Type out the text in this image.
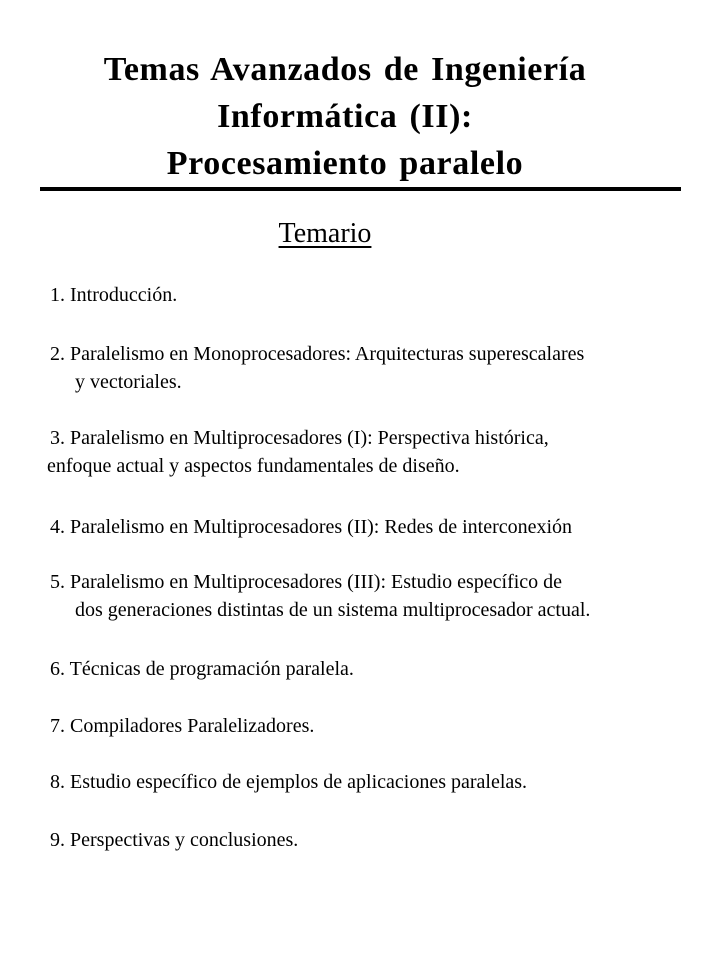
Temas Avanzados de Ingeniería
Informática (II):
Procesamiento paralelo
Temario
1. Introducción.
2. Paralelismo en Monoprocesadores: Arquitecturas superescalares
y vectoriales.
3. Paralelismo en Multiprocesadores (I): Perspectiva histórica,
enfoque actual y aspectos fundamentales de diseño.
4. Paralelismo en Multiprocesadores (II): Redes de interconexión
5. Paralelismo en Multiprocesadores (III): Estudio específico de
dos generaciones distintas de un sistema multiprocesador actual.
6. Técnicas de programación paralela.
7. Compiladores Paralelizadores.
8. Estudio específico de ejemplos de aplicaciones paralelas.
9. Perspectivas y conclusiones.
